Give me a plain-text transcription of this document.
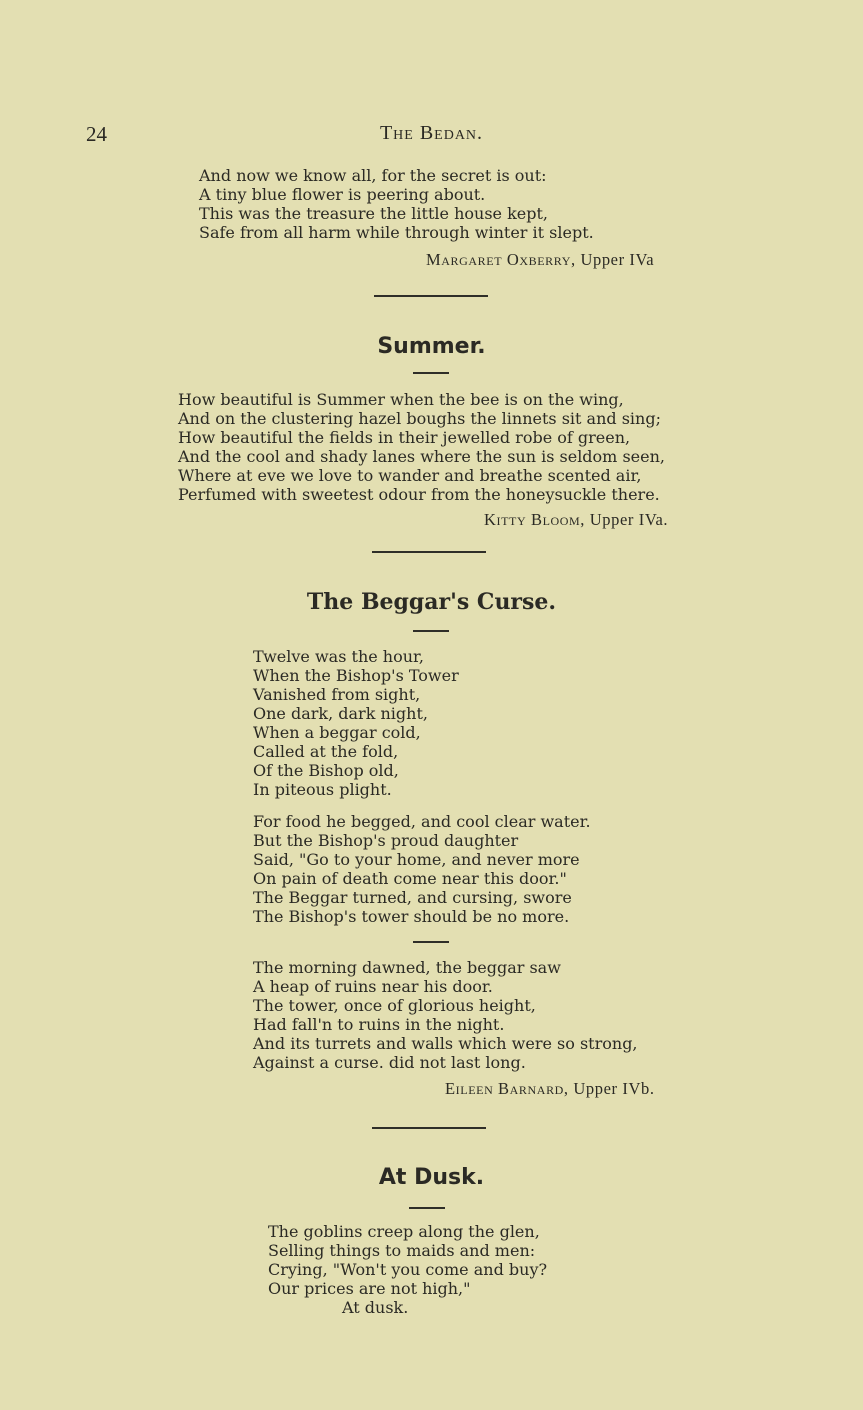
24	The Bedan.
And now we know all, for the secret is out:
A tiny blue flower is peering about.
This was the treasure the little house kept,
Safe from all harm while through winter it slept.
Margaret Oxberry, Upper IVa
Summer.
How beautiful is Summer when the bee is on the wing,
And on the clustering hazel boughs the linnets sit and sing;
How beautiful the fields in their jewelled robe of green,
And the cool and shady lanes where the sun is seldom seen,
Where at eve we love to wander and breathe scented air,
Perfumed with sweetest odour from the honeysuckle there.
Kitty Bloom, Upper IVa.
The Beggar's Curse.
Twelve was the hour,
When the Bishop's Tower
Vanished from sight,
One dark, dark night,
When a beggar cold,
Called at the fold,
Of the Bishop old,
In piteous plight.
For food he begged, and cool clear water.
But the Bishop's proud daughter
Said, "Go to your home, and never more
On pain of death come near this door."
The Beggar turned, and cursing, swore
The Bishop's tower should be no more.
The morning dawned, the beggar saw
A heap of ruins near his door.
The tower, once of glorious height,
Had fall'n to ruins in the night.
And its turrets and walls which were so strong,
Against a curse. did not last long.
Eileen Barnard, Upper IVb.
At Dusk.
The goblins creep along the glen,
Selling things to maids and men:
Crying, "Won't you come and buy?
Our prices are not high,"
At dusk.
